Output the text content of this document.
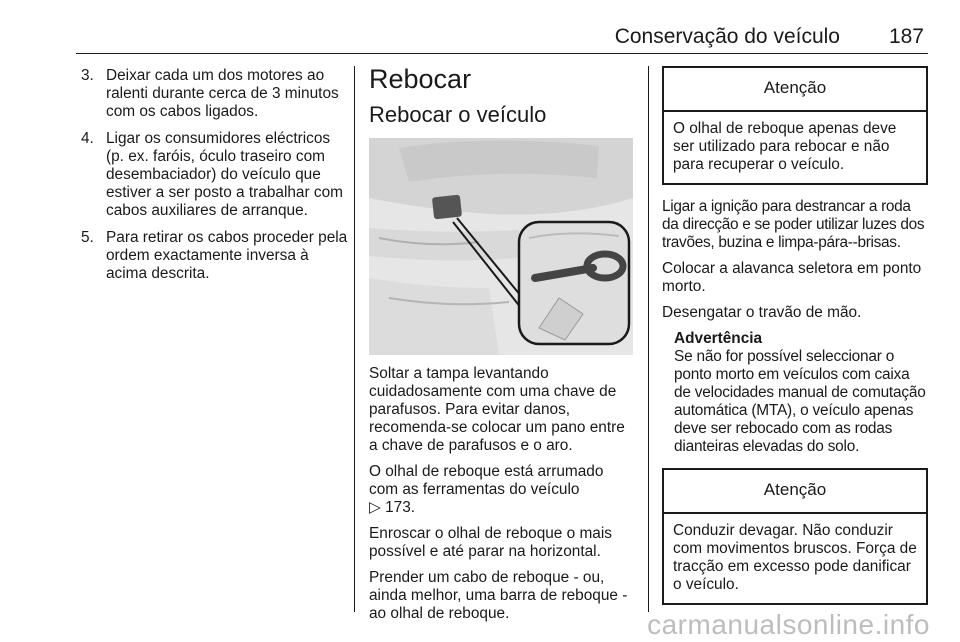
Conservação do veículo 187
3. Deixar cada um dos motores ao ralenti durante cerca de 3 minutos com os cabos ligados.
4. Ligar os consumidores eléctricos (p. ex. faróis, óculo traseiro com desembaciador) do veículo que estiver a ser posto a trabalhar com cabos auxiliares de arranque.
5. Para retirar os cabos proceder pela ordem exactamente inversa à acima descrita.
Rebocar
Rebocar o veículo

Soltar a tampa levantando cuidadosamente com uma chave de parafusos. Para evitar danos, recomenda-se colocar um pano entre a chave de parafusos e o aro.

O olhal de reboque está arrumado com as ferramentas do veículo
▷ 173.

Enroscar o olhal de reboque o mais possível e até parar na horizontal.

Prender um cabo de reboque - ou, ainda melhor, uma barra de reboque - ao olhal de reboque.

Atenção
O olhal de reboque apenas deve ser utilizado para rebocar e não para recuperar o veículo.

Ligar a ignição para destrancar a roda da direcção e se poder utilizar luzes dos travões, buzina e limpa-pára--brisas.

Colocar a alavanca seletora em ponto morto.

Desengatar o travão de mão.

Advertência
Se não for possível seleccionar o ponto morto em veículos com caixa de velocidades manual de comutação automática (MTA), o veículo apenas deve ser rebocado com as rodas dianteiras elevadas do solo.
Atenção
Conduzir devagar. Não conduzir com movimentos bruscos. Força de tracção em excesso pode danificar o veículo.
carmanualsonline.info
